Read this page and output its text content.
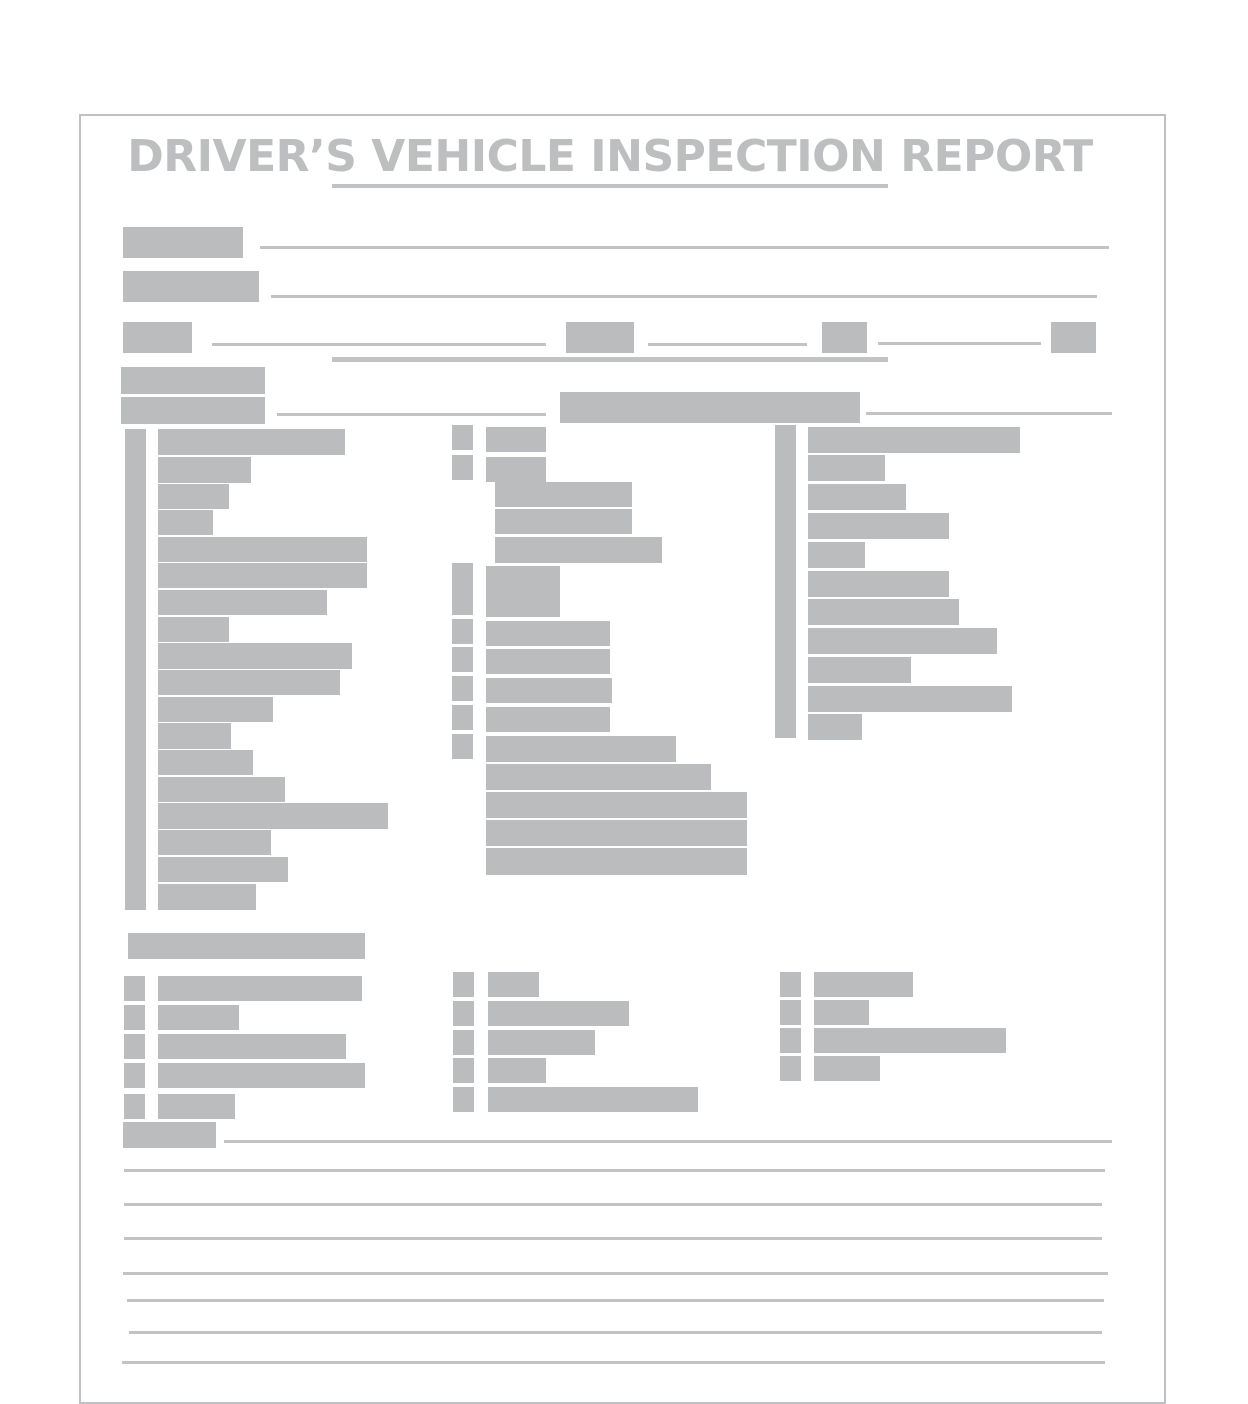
DRIVER’S VEHICLE INSPECTION REPORT
